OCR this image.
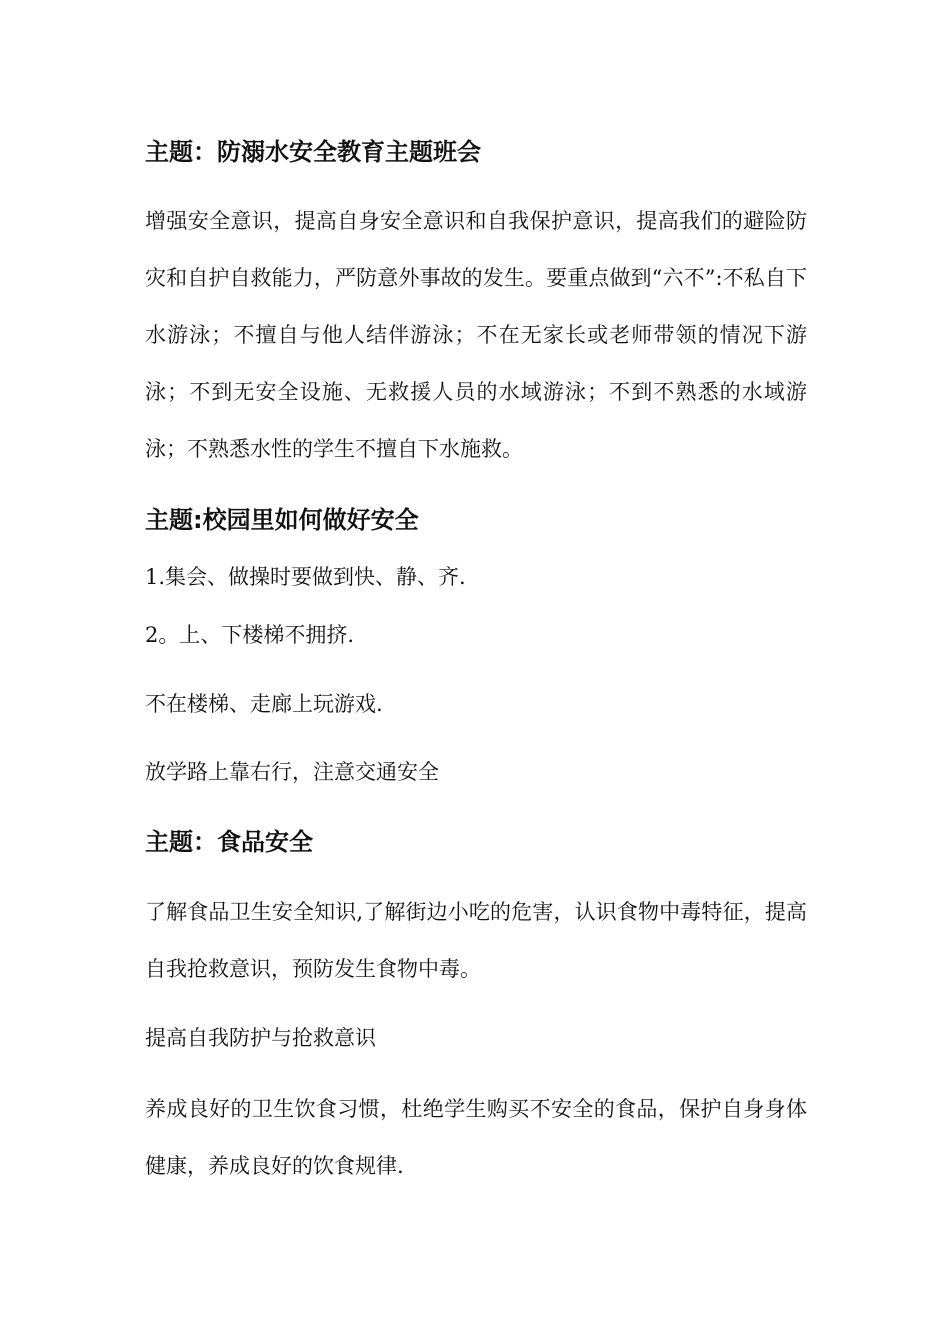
主题：防溺水安全教育主题班会
增强安全意识，提高自身安全意识和自我保护意识，提高我们的避险防灾和自护自救能力，严防意外事故的发生。要重点做到“六不”:不私自下水游泳；不擅自与他人结伴游泳；不在无家长或老师带领的情况下游泳；不到无安全设施、无救援人员的水域游泳；不到不熟悉的水域游泳；不熟悉水性的学生不擅自下水施救。
主题:校园里如何做好安全
1.集会、做操时要做到快、静、齐.
2。上、下楼梯不拥挤.
不在楼梯、走廊上玩游戏.
放学路上靠右行，注意交通安全
主题：食品安全
了解食品卫生安全知识,了解街边小吃的危害，认识食物中毒特征，提高自我抢救意识，预防发生食物中毒。
提高自我防护与抢救意识
养成良好的卫生饮食习惯，杜绝学生购买不安全的食品，保护自身身体健康，养成良好的饮食规律.
